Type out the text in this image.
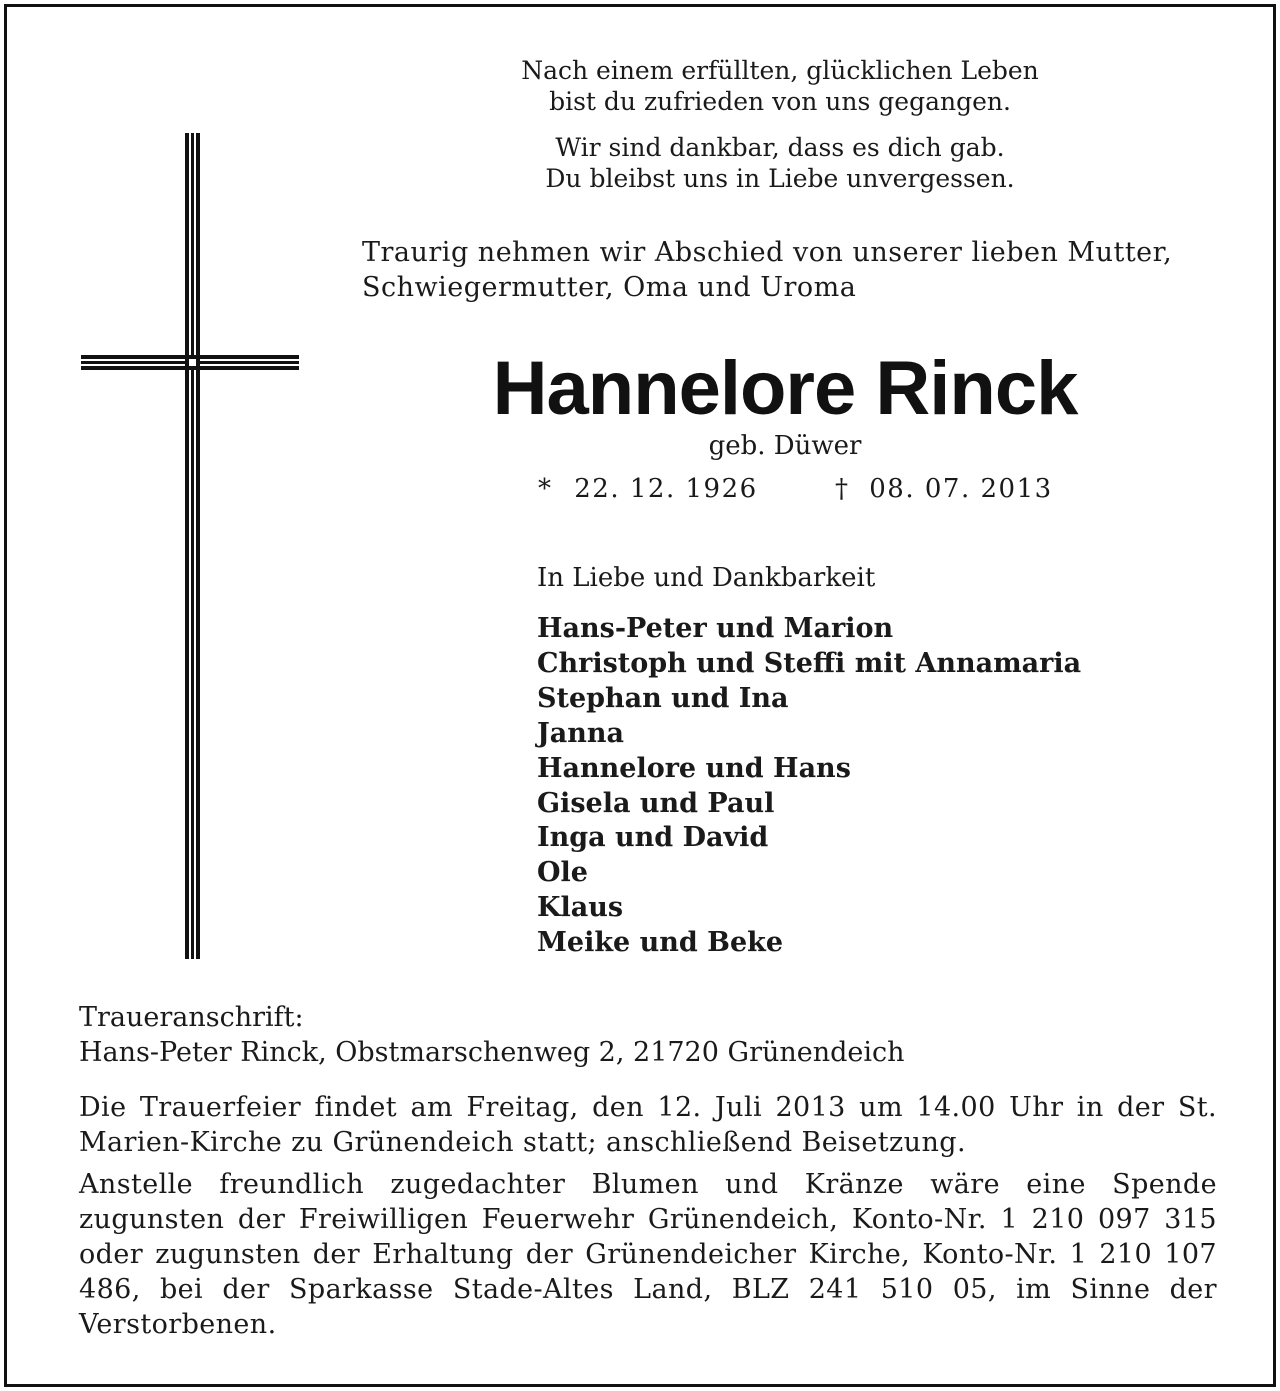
Nach einem erfüllten, glücklichen Leben
bist du zufrieden von uns gegangen.
Wir sind dankbar, dass es dich gab.
Du bleibst uns in Liebe unvergessen.
Traurig nehmen wir Abschied von unserer lieben Mutter,
Schwiegermutter, Oma und Uroma
Hannelore Rinck
geb. Düwer
* 22. 12. 1926	† 08. 07. 2013
In Liebe und Dankbarkeit
Hans-Peter und Marion
Christoph und Steffi mit Annamaria
Stephan und Ina
Janna
Hannelore und Hans
Gisela und Paul
Inga und David
Ole
Klaus
Meike und Beke
Traueranschrift:
Hans-Peter Rinck, Obstmarschenweg 2, 21720 Grünendeich
Die Trauerfeier findet am Freitag, den 12. Juli 2013 um 14.00 Uhr in der St. Marien-Kirche zu Grünendeich statt; anschließend Beisetzung.
Anstelle freundlich zugedachter Blumen und Kränze wäre eine Spende zugunsten der Freiwilligen Feuerwehr Grünendeich, Konto-Nr. 1 210 097 315 oder zugunsten der Erhaltung der Grünendeicher Kirche, Konto-Nr. 1 210 107 486, bei der Sparkasse Stade-Altes Land, BLZ 241 510 05, im Sinne der Verstorbenen.
